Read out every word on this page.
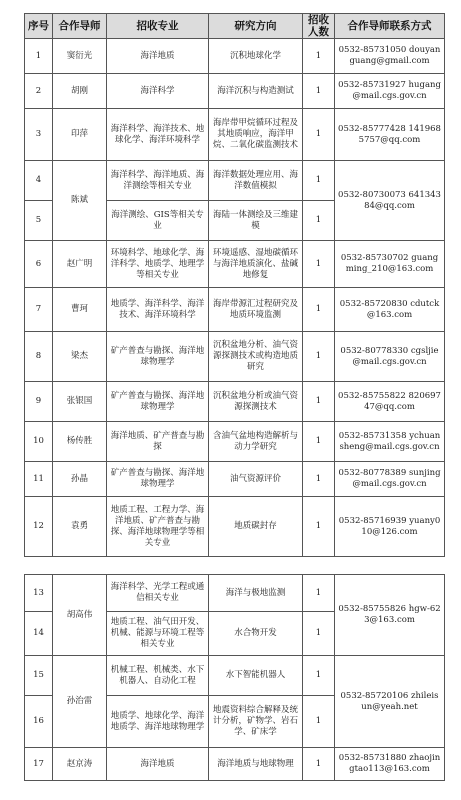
序号	合作导师	招收专业	研究方向	招收人数	合作导师联系方式
1	窦衍光	海洋地质	沉积地球化学	1	0532-85731050 douyanguang@gmail.com
2	胡刚	海洋科学	海洋沉积与构造测试	1	0532-85731927 hugang@mail.cgs.gov.cn
3	印萍	海洋科学、海洋技术、地球化学、海洋环境科学	海岸带甲烷循环过程及其地质响应，海洋甲烷、二氧化碳监测技术	1	0532-85777428 1419685757@qq.com
4	陈斌	海洋科学、海洋地质、海洋测绘等相关专业	海洋数据处理应用、海洋数值模拟	1	0532-80730073 64134384@qq.com
5		海洋测绘、GIS等相关专业	海陆一体测绘及三维建模	1	
6	赵广明	环境科学、地球化学、海洋科学、地质学、地理学等相关专业	环境遥感、湿地碳循环与海洋地质演化、盐碱地修复	1	0532-85730702 guangming_210@163.com
7	曹珂	地质学、海洋科学、海洋技术、海洋环境科学	海岸带源汇过程研究及地质环境监测	1	0532-85720830 cdutck@163.com
8	梁杰	矿产普查与勘探、海洋地球物理学	沉积盆地分析、油气资源探测技术或构造地质研究	1	0532-80778330 cgsljie@mail.cgs.gov.cn
9	张银国	矿产普查与勘探、海洋地球物理学	沉积盆地分析或油气资源探测技术	1	0532-85755822 82069747@qq.com
10	杨传胜	海洋地质、矿产普查与勘探	含油气盆地构造解析与动力学研究	1	0532-85731358 ychuansheng@mail.cgs.gov.cn
11	孙晶	矿产普查与勘探、海洋地球物理学	油气资源评价	1	0532-80778389 sunjing@mail.cgs.gov.cn
12	袁勇	地质工程、工程力学、海洋地质、矿产普查与勘探、海洋地球物理学等相关专业	地质碳封存	1	0532-85716939 yuany010@126.com
13	胡高伟	海洋科学、光学工程或通信相关专业	海洋与极地监测	1	0532-85755826 hgw-623@163.com
14		地质工程、油气田开发、机械、能源与环境工程等相关专业	水合物开发	1	
15	孙治雷	机械工程、机械类、水下机器人、自动化工程	水下智能机器人	1	0532-85720106 zhileisun@yeah.net
16		地质学、地球化学、海洋地质学、海洋地球物理学	地震资料综合解释及统计分析，矿物学、岩石学、矿床学	1	
17	赵京涛	海洋地质	海洋地质与地球物理	1	0532-85731880 zhaojingtao113@163.com
